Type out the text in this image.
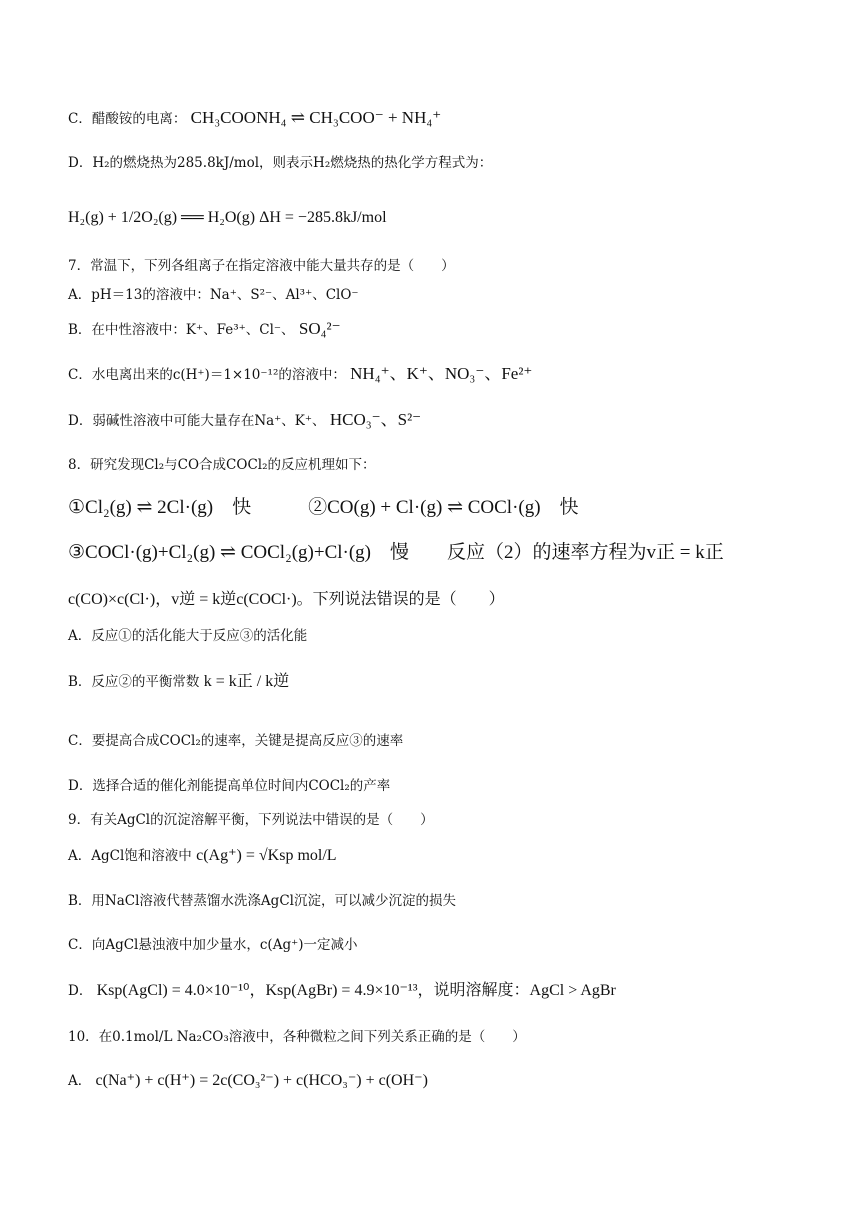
C．醋酸铵的电离： CH₃COONH₄ ⇌ CH₃COO⁻ + NH₄⁺
D．H₂的燃烧热为285.8kJ/mol，则表示H₂燃烧热的热化学方程式为：
H₂(g) + 1/2O₂(g) ══ H₂O(g) ΔH = −285.8kJ/mol
7．常温下，下列各组离子在指定溶液中能大量共存的是（　　）
A．pH＝13的溶液中：Na⁺、S²⁻、Al³⁺、ClO⁻
B．在中性溶液中：K⁺、Fe³⁺、Cl⁻、 SO₄²⁻
C．水电离出来的c(H⁺)＝1×10⁻¹²的溶液中： NH₄⁺、K⁺、NO₃⁻、Fe²⁺
D．弱碱性溶液中可能大量存在Na⁺、K⁺、 HCO₃⁻、S²⁻
8．研究发现Cl₂与CO合成COCl₂的反应机理如下：
①Cl₂(g) ⇌ 2Cl·(g)　快　　　②CO(g) + Cl·(g) ⇌ COCl·(g)　快
③COCl·(g)+Cl₂(g) ⇌ COCl₂(g)+Cl·(g)　慢　　反应（2）的速率方程为v正 = k正
c(CO)×c(Cl·)，v逆 = k逆c(COCl·)。下列说法错误的是（　　）
A．反应①的活化能大于反应③的活化能
B．反应②的平衡常数 k = k正 / k逆
C．要提高合成COCl₂的速率，关键是提高反应③的速率
D．选择合适的催化剂能提高单位时间内COCl₂的产率
9．有关AgCl的沉淀溶解平衡，下列说法中错误的是（　　）
A．AgCl饱和溶液中 c(Ag⁺) = √Ksp mol/L
B．用NaCl溶液代替蒸馏水洗涤AgCl沉淀，可以减少沉淀的损失
C．向AgCl悬浊液中加少量水，c(Ag⁺)一定减小
D． Ksp(AgCl) = 4.0×10⁻¹⁰，Ksp(AgBr) = 4.9×10⁻¹³，说明溶解度：AgCl > AgBr
10．在0.1mol/L Na₂CO₃溶液中，各种微粒之间下列关系正确的是（　　）
A． c(Na⁺) + c(H⁺) = 2c(CO₃²⁻) + c(HCO₃⁻) + c(OH⁻)
